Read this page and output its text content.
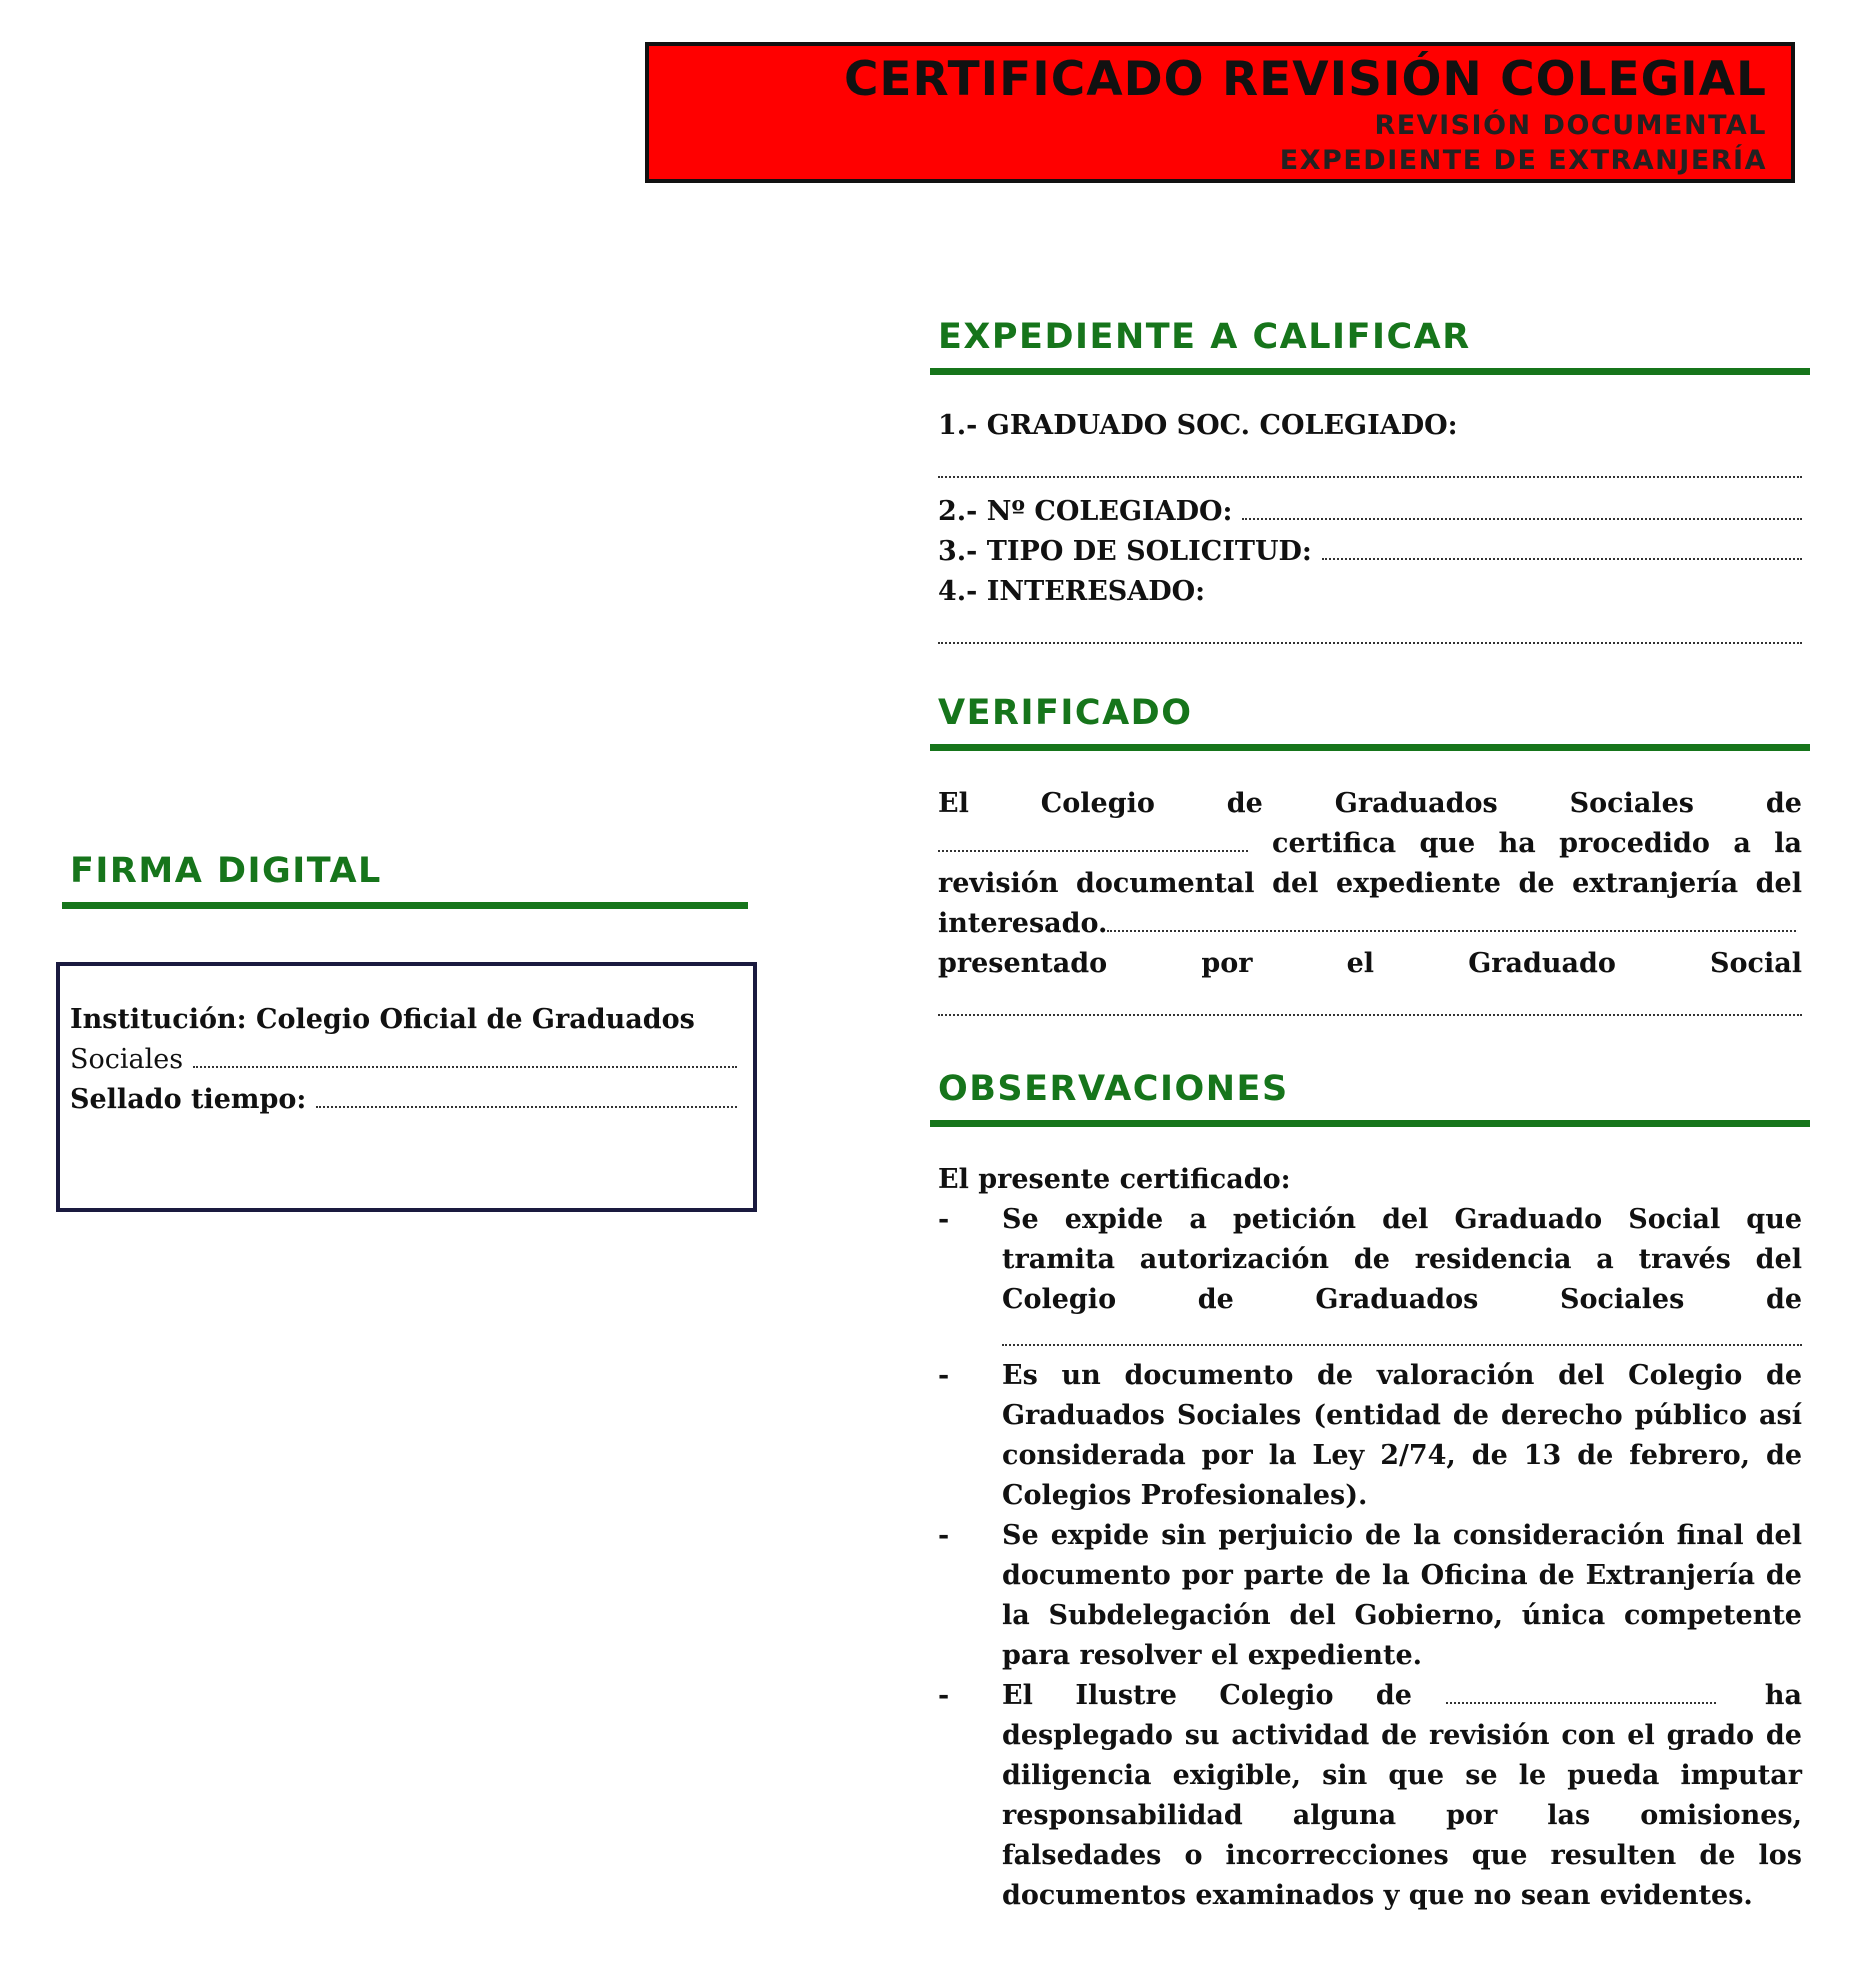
CERTIFICADO REVISIÓN COLEGIAL
REVISIÓN DOCUMENTAL
EXPEDIENTE DE EXTRANJERÍA
EXPEDIENTE A CALIFICAR
1.- GRADUADO SOC. COLEGIADO:
2.- Nº COLEGIADO:
3.- TIPO DE SOLICITUD:
4.- INTERESADO:
VERIFICADO
El	Colegio	de	Graduados	Sociales	de
certifica que ha procedido a la
revisión documental del expediente de extranjería del
interesado.
presentado	por	el	Graduado	Social
OBSERVACIONES
El presente certificado:
-	Se expide a petición del Graduado Social que tramita autorización de residencia a través del Colegio de Graduados Sociales de
-	Es un documento de valoración del Colegio de Graduados Sociales (entidad de derecho público así considerada por la Ley 2/74, de 13 de febrero, de Colegios Profesionales).
-	Se expide sin perjuicio de la consideración final del documento por parte de la Oficina de Extranjería de la Subdelegación del Gobierno, única competente para resolver el expediente.
-	El Ilustre Colegio de	ha
desplegado su actividad de revisión con el grado de diligencia exigible, sin que se le pueda imputar responsabilidad alguna por las omisiones, falsedades o incorrecciones que resulten de los documentos examinados y que no sean evidentes.
FIRMA DIGITAL
Institución: Colegio Oficial de Graduados
Sociales
Sellado tiempo:
